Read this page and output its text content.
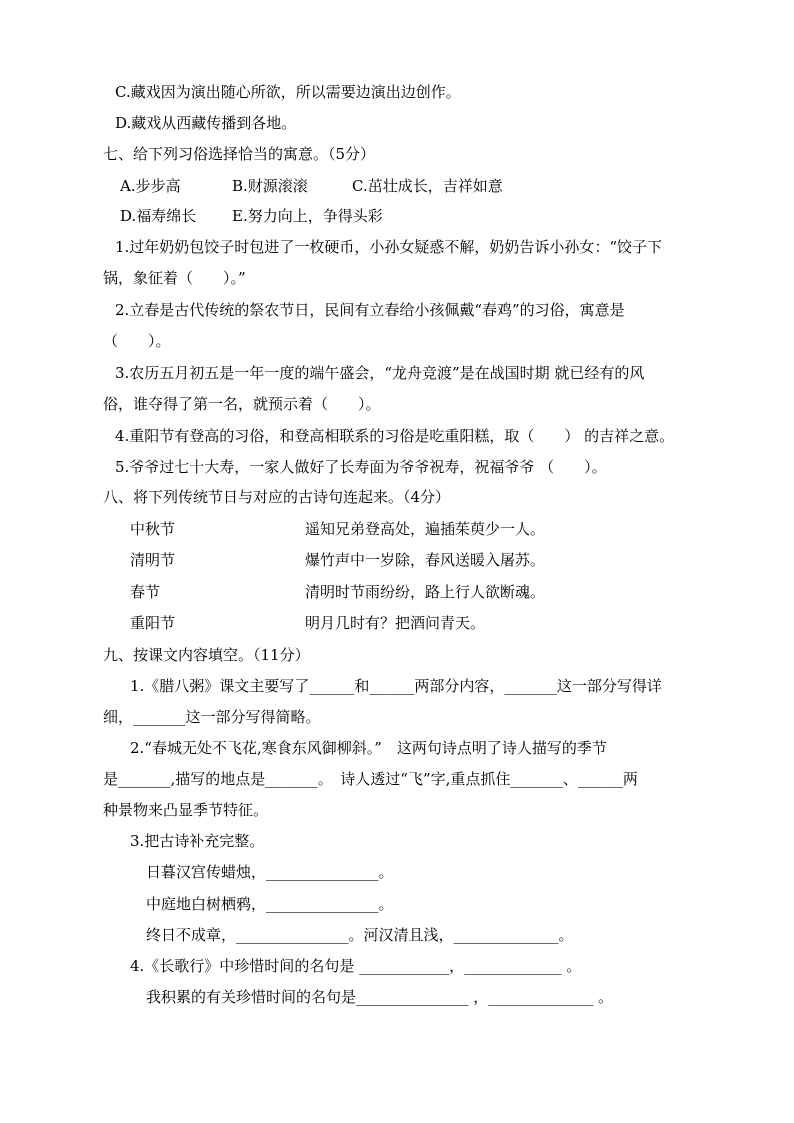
C.藏戏因为演出随心所欲，所以需要边演出边创作。
D.藏戏从西藏传播到各地。
七、给下列习俗选择恰当的寓意。（5分）
A.步步高	B.财源滚滚	C.茁壮成长，吉祥如意
D.福寿绵长 E.努力向上，争得头彩
1.过年奶奶包饺子时包进了一枚硬币，小孙女疑惑不解，奶奶告诉小孙女：“饺子下
锅，象征着（　　）。”
2.立春是古代传统的祭农节日，民间有立春给小孩佩戴“春鸡”的习俗，寓意是
（　　）。
3.农历五月初五是一年一度的端午盛会，“龙舟竞渡”是在战国时期 就已经有的风
俗，谁夺得了第一名，就预示着（　　）。
4.重阳节有登高的习俗，和登高相联系的习俗是吃重阳糕，取（　　） 的吉祥之意。
5.爷爷过七十大寿，一家人做好了长寿面为爷爷祝寿，祝福爷爷 （　　）。
八、将下列传统节日与对应的古诗句连起来。（4分）
中秋节	遥知兄弟登高处，遍插茱萸少一人。
清明节	爆竹声中一岁除，春风送暖入屠苏。
春节	清明时节雨纷纷，路上行人欲断魂。
重阳节	明月几时有？把酒问青天。
九、按课文内容填空。（11分）
1.《腊八粥》课文主要写了______和______两部分内容，_______这一部分写得详
细，_______这一部分写得简略。
2.“春城无处不飞花,寒食东风御柳斜。”　这两句诗点明了诗人描写的季节
是_______,描写的地点是_______。　诗人透过“飞”字,重点抓住_______、______两
种景物来凸显季节特征。
3.把古诗补充完整。
日暮汉宫传蜡烛，_______________。
中庭地白树栖鸦，_______________。
终日不成章，_______________。河汉清且浅，______________。
4.《长歌行》中珍惜时间的名句是 ____________，_____________ 。
我积累的有关珍惜时间的名句是_______________ ，______________ 。
